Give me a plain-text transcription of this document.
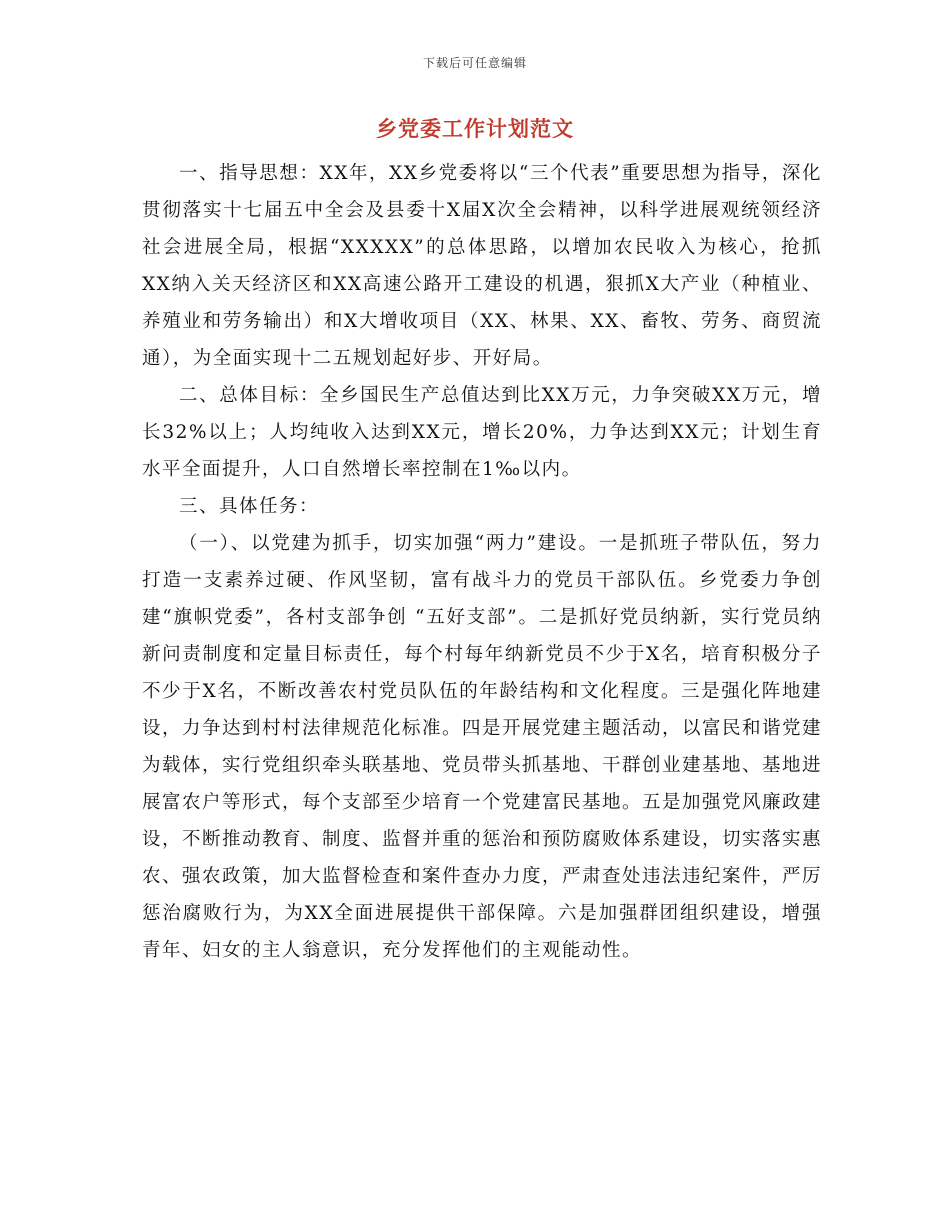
下载后可任意编辑
乡党委工作计划范文

一、指导思想：XX年，XX乡党委将以“三个代表”重要思想为指导，深化贯彻落实十七届五中全会及县委十X届X次全会精神，以科学进展观统领经济社会进展全局，根据“XXXXX”的总体思路，以增加农民收入为核心，抢抓XX纳入关天经济区和XX高速公路开工建设的机遇，狠抓X大产业（种植业、养殖业和劳务输出）和X大增收项目（XX、林果、XX、畜牧、劳务、商贸流通），为全面实现十二五规划起好步、开好局。

二、总体目标：全乡国民生产总值达到比XX万元，力争突破XX万元，增长32%以上；人均纯收入达到XX元，增长20%，力争达到XX元；计划生育水平全面提升，人口自然增长率控制在1‰以内。

三、具体任务：

（一）、以党建为抓手，切实加强“两力”建设。一是抓班子带队伍，努力打造一支素养过硬、作风坚韧，富有战斗力的党员干部队伍。乡党委力争创建“旗帜党委”，各村支部争创 “五好支部”。二是抓好党员纳新，实行党员纳新问责制度和定量目标责任，每个村每年纳新党员不少于X名，培育积极分子不少于X名，不断改善农村党员队伍的年龄结构和文化程度。三是强化阵地建设，力争达到村村法律规范化标准。四是开展党建主题活动，以富民和谐党建为载体，实行党组织牵头联基地、党员带头抓基地、干群创业建基地、基地进展富农户等形式，每个支部至少培育一个党建富民基地。五是加强党风廉政建设，不断推动教育、制度、监督并重的惩治和预防腐败体系建设，切实落实惠农、强农政策，加大监督检查和案件查办力度，严肃查处违法违纪案件，严厉惩治腐败行为，为XX全面进展提供干部保障。六是加强群团组织建设，增强青年、妇女的主人翁意识，充分发挥他们的主观能动性。
